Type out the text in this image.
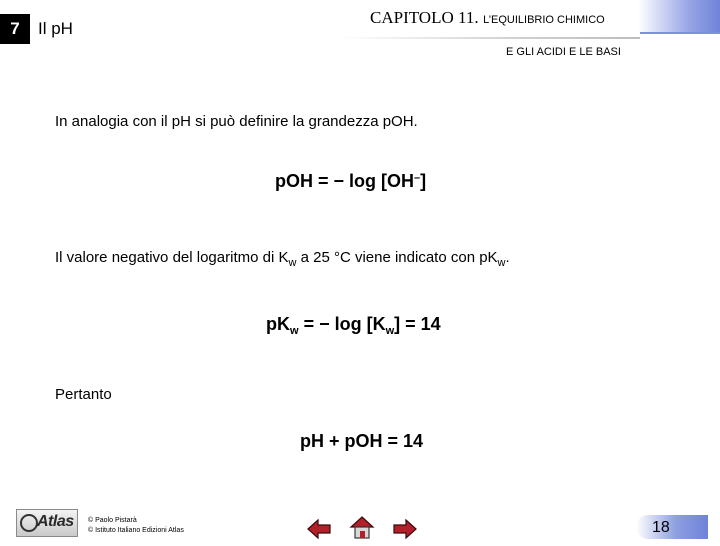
7	Il pH
CAPITOLO 11. L’EQUILIBRIO CHIMICO
E GLI ACIDI E LE BASI
In analogia con il pH si può definire la grandezza pOH.
pOH = − log [OH–]
Il valore negativo del logaritmo di $K_w$ a 25 °C viene indicato con $pK_w$.
$pK_w$ = − $\log [K_w] = 14$
Pertanto
pH + pOH = 14
Atlas © Paolo Pistarà
© Istituto Italiano Edizioni Atlas	18
